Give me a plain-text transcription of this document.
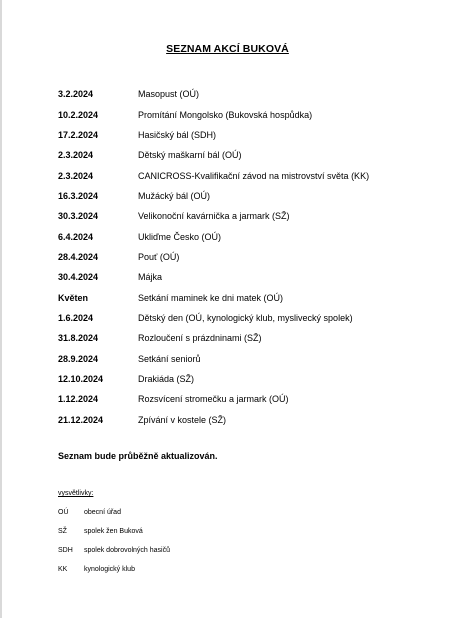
SEZNAM AKCÍ BUKOVÁ
3.2.2024	Masopust (OÚ)
10.2.2024	Promítání Mongolsko (Bukovská hospůdka)
17.2.2024	Hasičský bál (SDH)
2.3.2024	Dětský maškarní bál (OÚ)
2.3.2024	CANICROSS-Kvalifikační závod na mistrovství světa (KK)
16.3.2024	Mužácký bál (OÚ)
30.3.2024	Velikonoční kavárnička a jarmark (SŽ)
6.4.2024	Ukliďme Česko (OÚ)
28.4.2024	Pouť (OÚ)
30.4.2024	Májka
Květen	Setkání maminek ke dni matek (OÚ)
1.6.2024	Dětský den (OÚ, kynologický klub, myslivecký spolek)
31.8.2024	Rozloučení s prázdninami (SŽ)
28.9.2024	Setkání seniorů
12.10.2024	Drakiáda (SŽ)
1.12.2024	Rozsvícení stromečku a jarmark (OÚ)
21.12.2024	Zpívání v kostele (SŽ)
Seznam bude průběžně aktualizován.
vysvětlivky:
OÚ	obecní úřad
SŽ	spolek žen Buková
SDH	spolek dobrovolných hasičů
KK	kynologický klub
